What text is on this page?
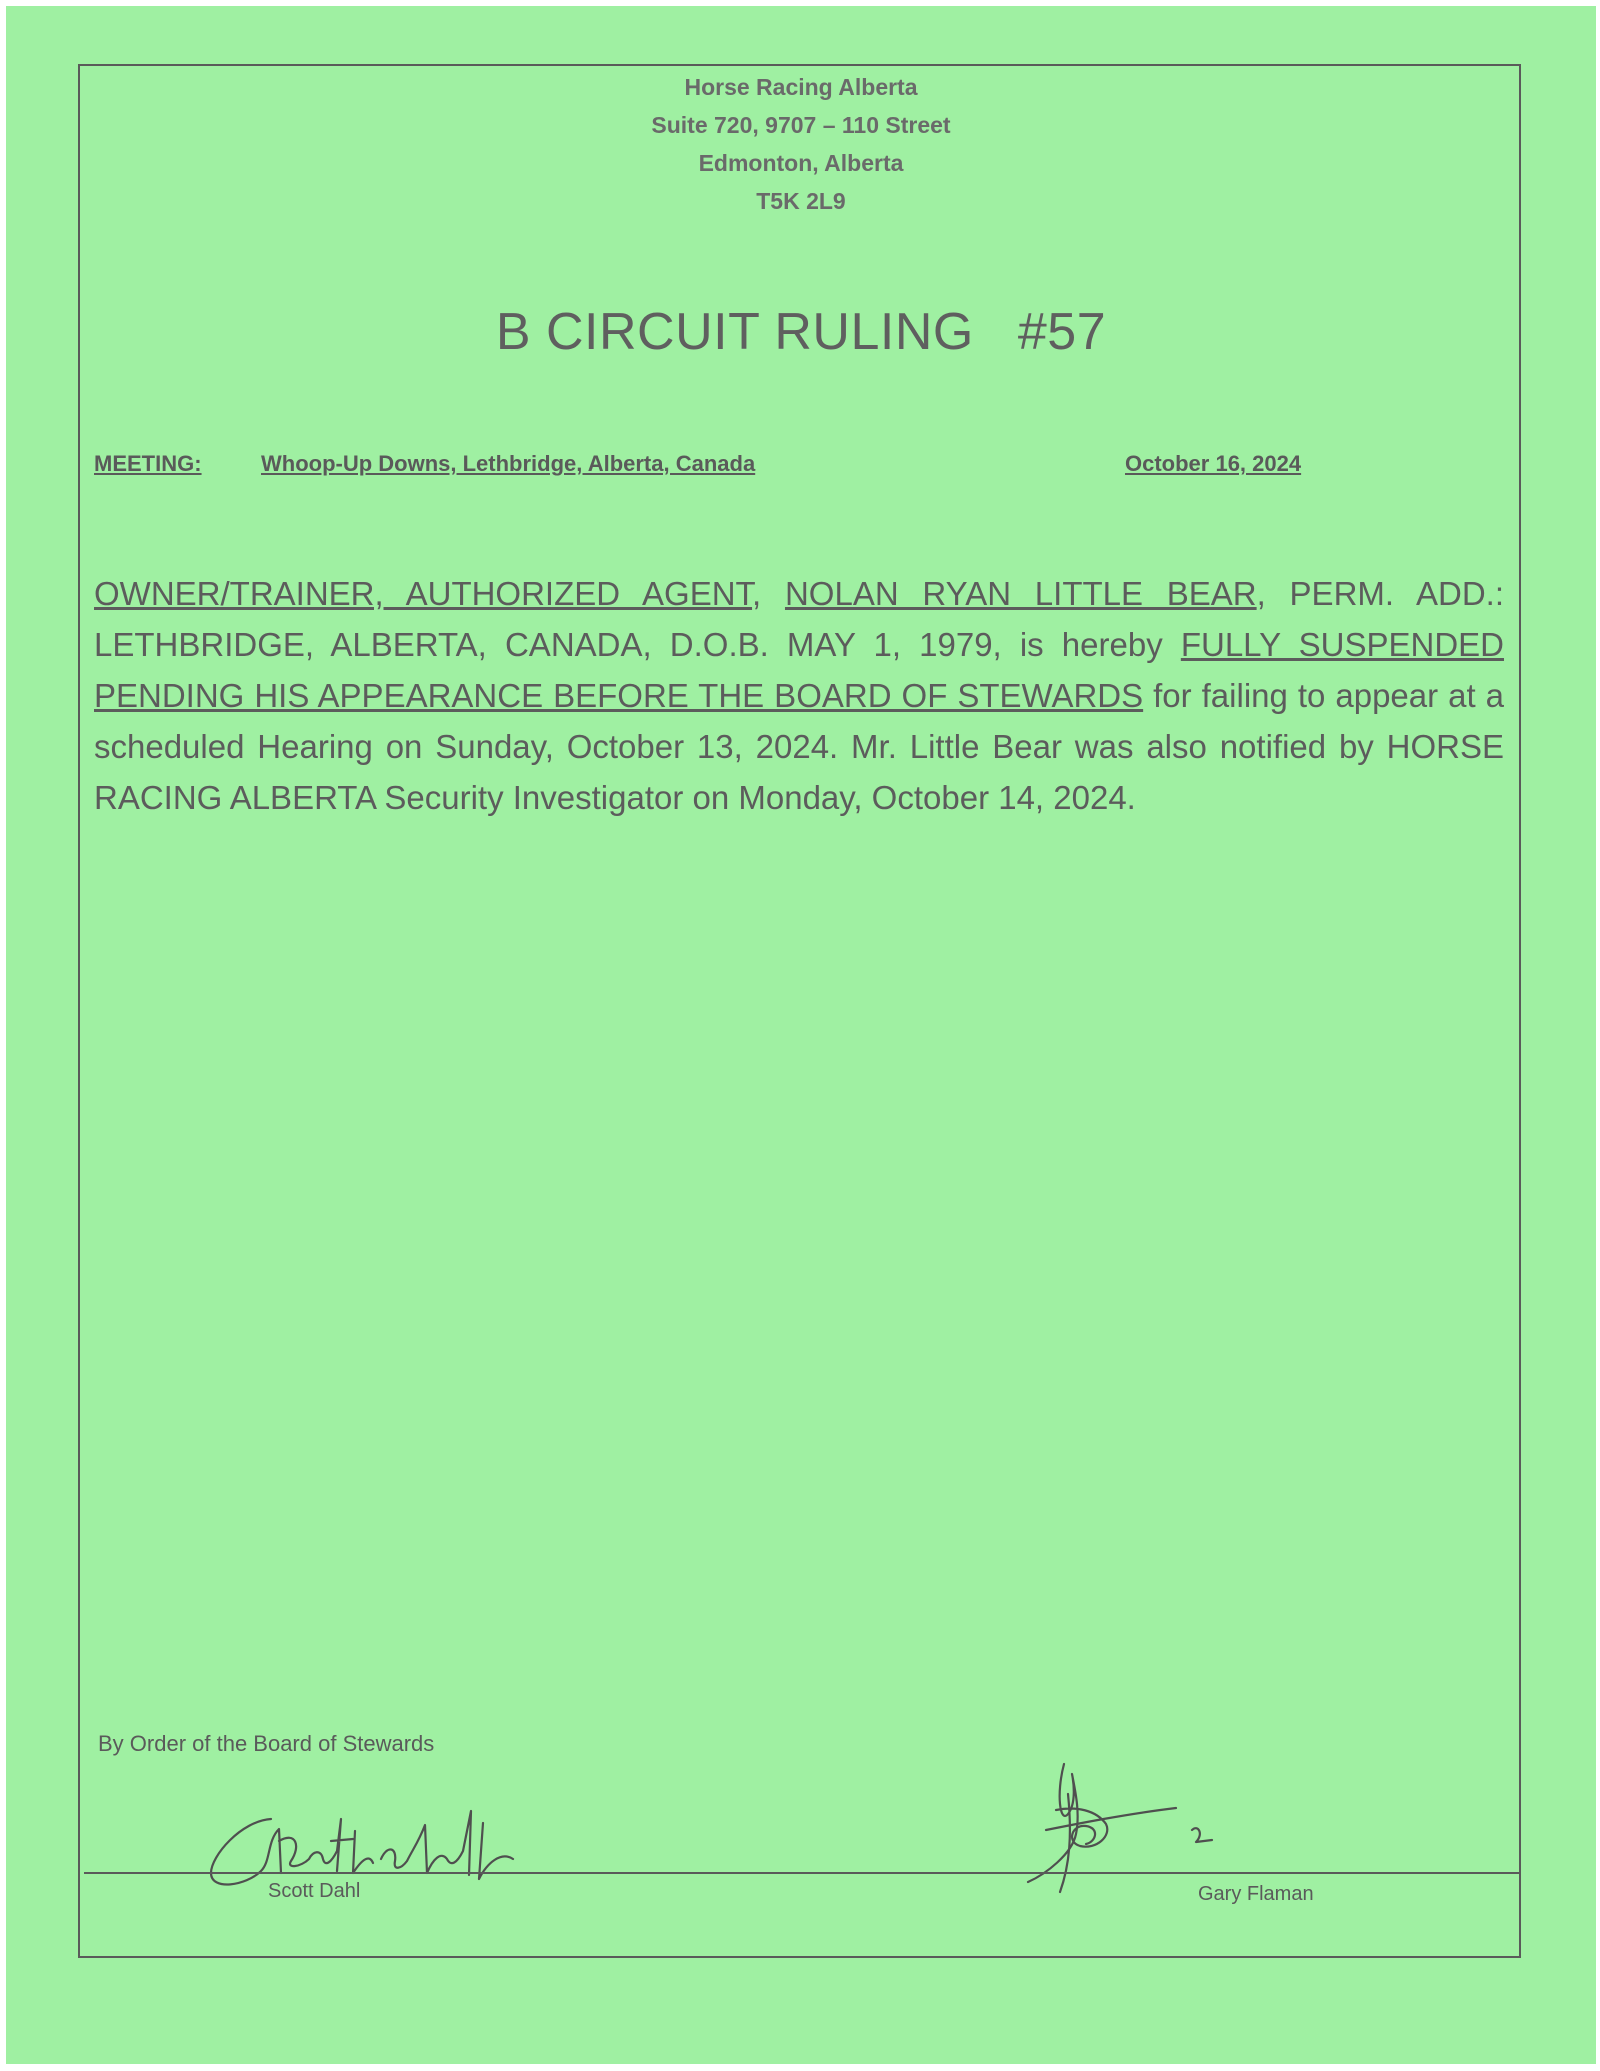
Horse Racing Alberta
Suite 720, 9707 – 110 Street
Edmonton, Alberta
T5K 2L9
B CIRCUIT RULING #57
MEETING:	Whoop-Up Downs, Lethbridge, Alberta, Canada	October 16, 2024
OWNER/TRAINER, AUTHORIZED AGENT, NOLAN RYAN LITTLE BEAR, PERM. ADD.: LETHBRIDGE, ALBERTA, CANADA, D.O.B. MAY 1, 1979, is hereby FULLY SUSPENDED PENDING HIS APPEARANCE BEFORE THE BOARD OF STEWARDS for failing to appear at a scheduled Hearing on Sunday, October 13, 2024. Mr. Little Bear was also notified by HORSE RACING ALBERTA Security Investigator on Monday, October 14, 2024.
By Order of the Board of Stewards
Scott Dahl	Gary Flaman
